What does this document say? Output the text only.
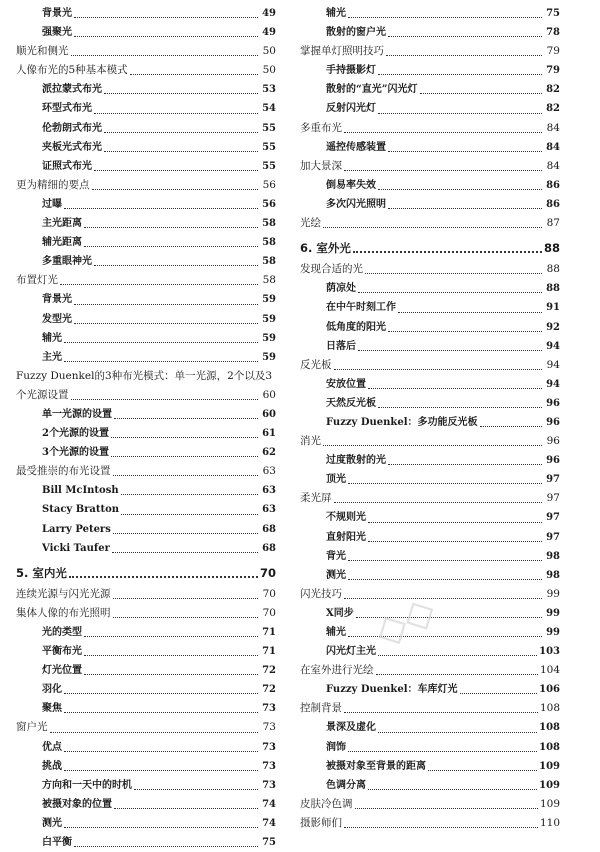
背景光	49
强聚光	49
顺光和侧光	50
人像布光的5种基本模式	50
派拉蒙式布光	53
环型式布光	54
伦勃朗式布光	55
夹板光式布光	55
证照式布光	55
更为精细的要点	56
过曝	56
主光距离	58
辅光距离	58
多重眼神光	58
布置灯光	58
背景光	59
发型光	59
辅光	59
主光	59
Fuzzy Duenkel的3种布光模式：单一光源，2个以及3
个光源设置	60
单一光源的设置	60
2个光源的设置	61
3个光源的设置	62
最受推崇的布光设置	63
Bill McIntosh	63
Stacy Bratton	63
Larry Peters	68
Vicki Taufer	68
5. 室内光	70
连续光源与闪光光源	70
集体人像的布光照明	70
光的类型	71
平衡布光	71
灯光位置	72
羽化	72
聚焦	73
窗户光	73
优点	73
挑战	73
方向和一天中的时机	73
被摄对象的位置	74
测光	74
白平衡	75
辅光	75
散射的窗户光	78
掌握单灯照明技巧	79
手持摄影灯	79
散射的“直光”闪光灯	82
反射闪光灯	82
多重布光	84
遥控传感装置	84
加大景深	84
倒易率失效	86
多次闪光照明	86
光绘	87
6. 室外光	88
发现合适的光	88
荫凉处	88
在中午时刻工作	91
低角度的阳光	92
日落后	94
反光板	94
安放位置	94
天然反光板	96
Fuzzy Duenkel：多功能反光板	96
消光	96
过度散射的光	96
顶光	97
柔光屏	97
不规则光	97
直射阳光	97
背光	98
测光	98
闪光技巧	99
X同步	99
辅光	99
闪光灯主光	103
在室外进行光绘	104
Fuzzy Duenkel：车库灯光	106
控制背景	108
景深及虚化	108
润饰	108
被摄对象至背景的距离	109
色调分离	109
皮肤冷色调	109
摄影师们	110
◇◇
